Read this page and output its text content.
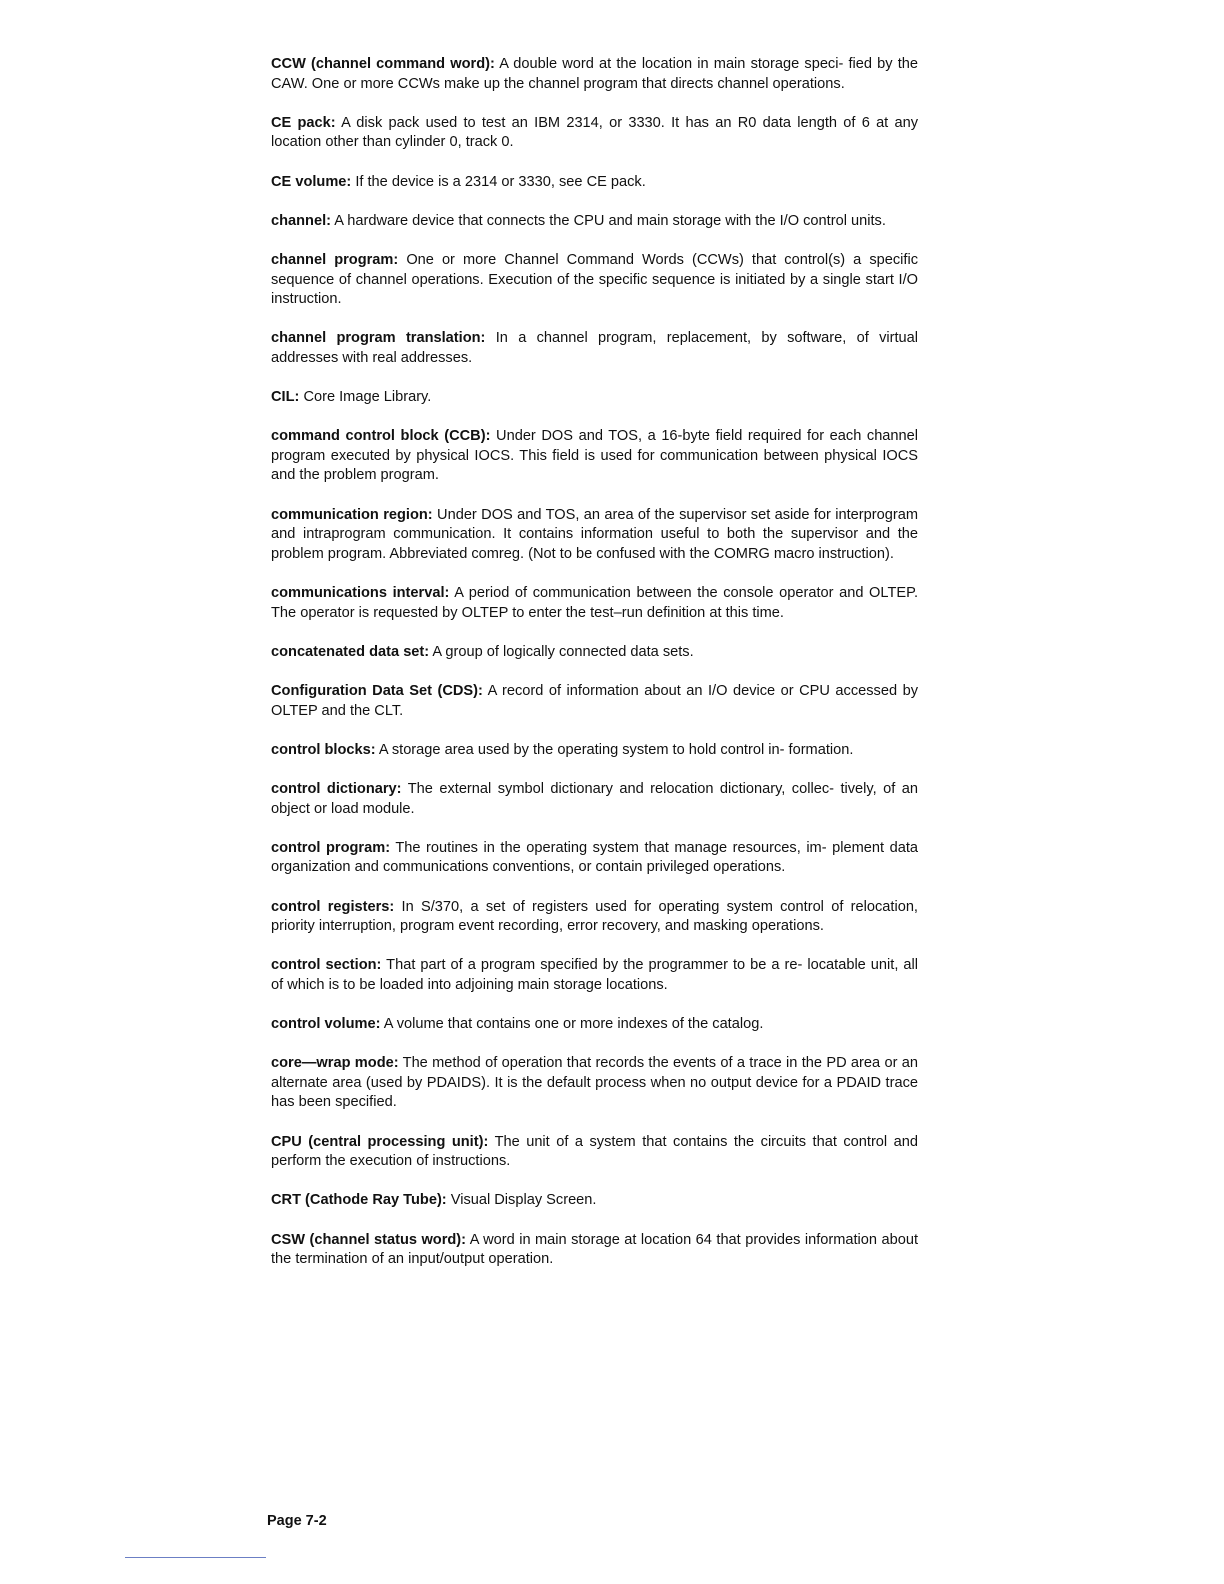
CCW (channel command word): A double word at the location in main storage speci- fied by the CAW. One or more CCWs make up the channel program that directs channel operations.

CE pack: A disk pack used to test an IBM 2314, or 3330. It has an R0 data length of 6 at any location other than cylinder 0, track 0.

CE volume: If the device is a 2314 or 3330, see CE pack.

channel: A hardware device that connects the CPU and main storage with the I/O control units.

channel program: One or more Channel Command Words (CCWs) that control(s) a specific sequence of channel operations. Execution of the specific sequence is initiated by a single start I/O instruction.

channel program translation: In a channel program, replacement, by software, of virtual addresses with real addresses.

CIL: Core Image Library.

command control block (CCB): Under DOS and TOS, a 16-byte field required for each channel program executed by physical IOCS. This field is used for communication between physical IOCS and the problem program.

communication region: Under DOS and TOS, an area of the supervisor set aside for interprogram and intraprogram communication. It contains information useful to both the supervisor and the problem program. Abbreviated comreg. (Not to be confused with the COMRG macro instruction).

communications interval: A period of communication between the console operator and OLTEP. The operator is requested by OLTEP to enter the test–run definition at this time.

concatenated data set: A group of logically connected data sets.

Configuration Data Set (CDS): A record of information about an I/O device or CPU accessed by OLTEP and the CLT.

control blocks: A storage area used by the operating system to hold control in- formation.

control dictionary: The external symbol dictionary and relocation dictionary, collec- tively, of an object or load module.

control program: The routines in the operating system that manage resources, im- plement data organization and communications conventions, or contain privileged operations.

control registers: In S/370, a set of registers used for operating system control of relocation, priority interruption, program event recording, error recovery, and masking operations.

control section: That part of a program specified by the programmer to be a re- locatable unit, all of which is to be loaded into adjoining main storage locations.

control volume: A volume that contains one or more indexes of the catalog.

core—wrap mode: The method of operation that records the events of a trace in the PD area or an alternate area (used by PDAIDS). It is the default process when no output device for a PDAID trace has been specified.

CPU (central processing unit): The unit of a system that contains the circuits that control and perform the execution of instructions.

CRT (Cathode Ray Tube): Visual Display Screen.

CSW (channel status word): A word in main storage at location 64 that provides information about the termination of an input/output operation.

Page 7-2
